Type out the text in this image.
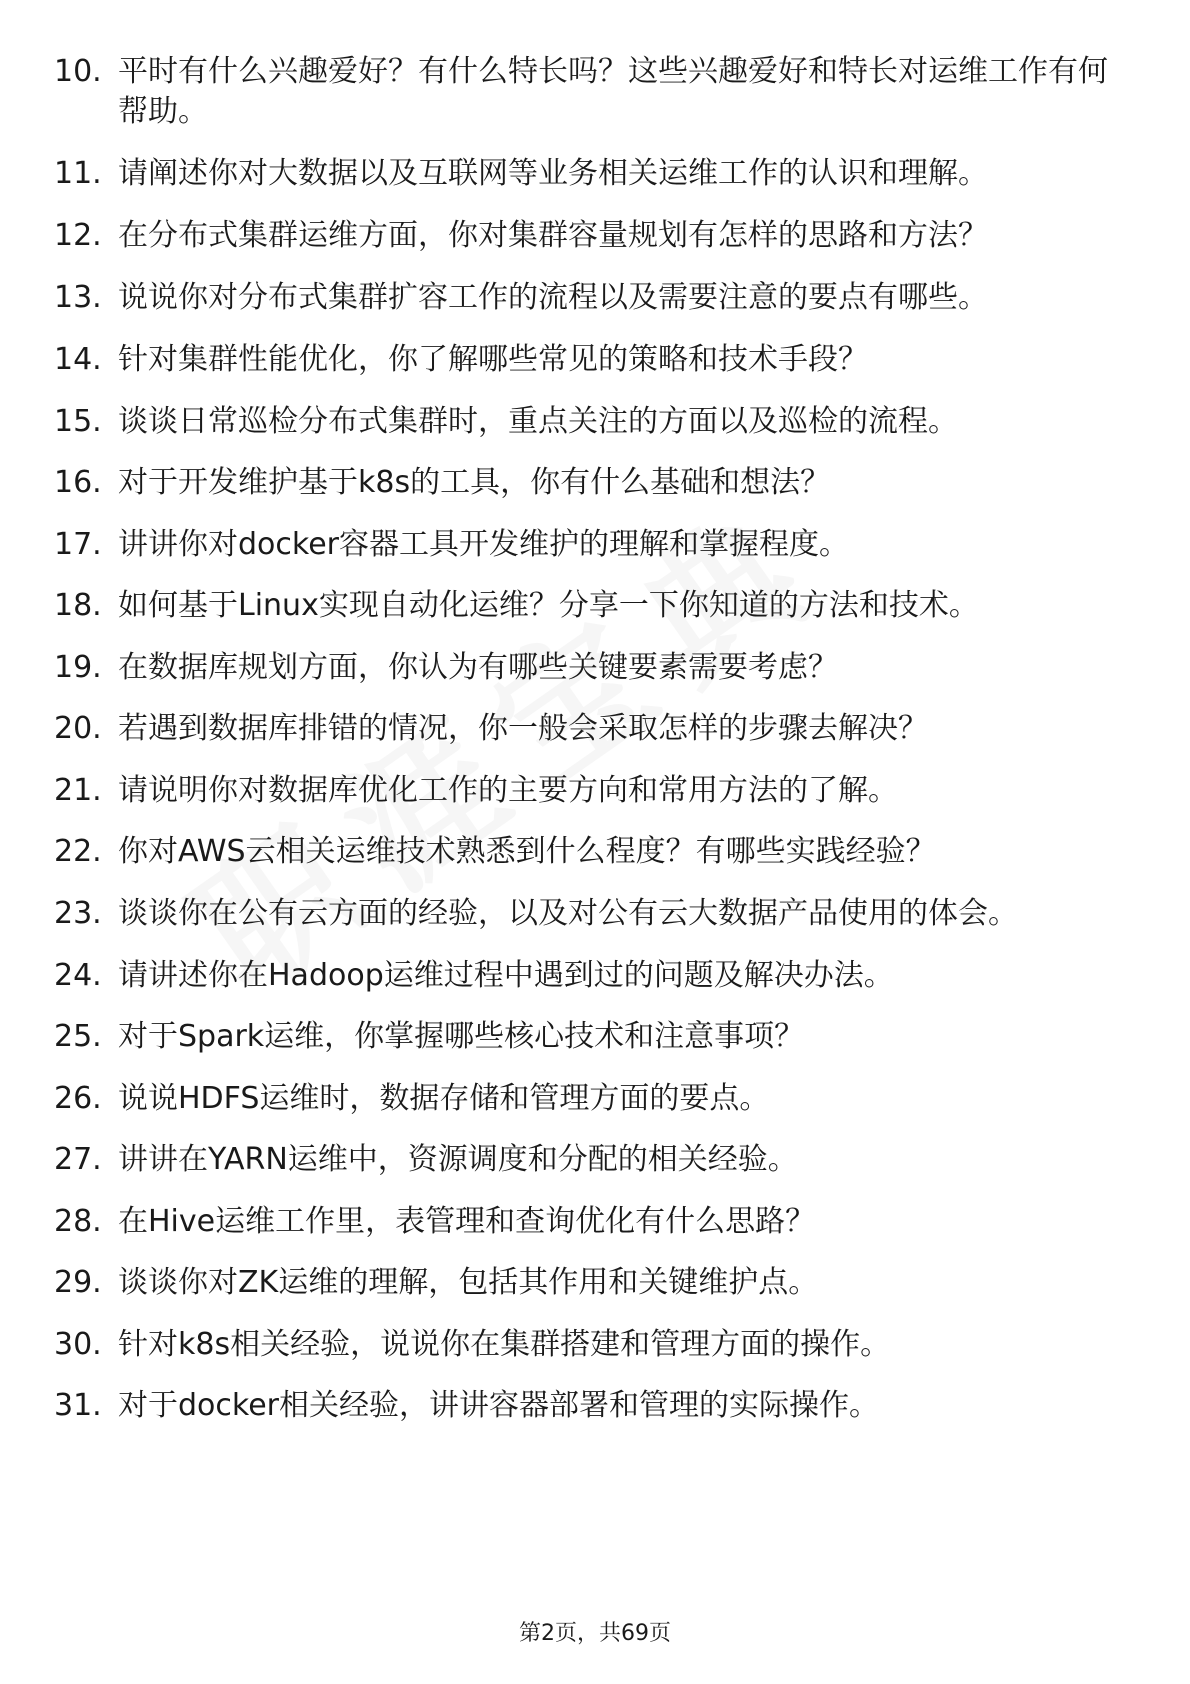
10. 平时有什么兴趣爱好？有什么特长吗？这些兴趣爱好和特长对运维工作有何帮助。
11. 请阐述你对大数据以及互联网等业务相关运维工作的认识和理解。
12. 在分布式集群运维方面，你对集群容量规划有怎样的思路和方法？
13. 说说你对分布式集群扩容工作的流程以及需要注意的要点有哪些。
14. 针对集群性能优化，你了解哪些常见的策略和技术手段？
15. 谈谈日常巡检分布式集群时，重点关注的方面以及巡检的流程。
16. 对于开发维护基于k8s的工具，你有什么基础和想法？
17. 讲讲你对docker容器工具开发维护的理解和掌握程度。
18. 如何基于Linux实现自动化运维？分享一下你知道的方法和技术。
19. 在数据库规划方面，你认为有哪些关键要素需要考虑？
20. 若遇到数据库排错的情况，你一般会采取怎样的步骤去解决？
21. 请说明你对数据库优化工作的主要方向和常用方法的了解。
22. 你对AWS云相关运维技术熟悉到什么程度？有哪些实践经验？
23. 谈谈你在公有云方面的经验，以及对公有云大数据产品使用的体会。
24. 请讲述你在Hadoop运维过程中遇到过的问题及解决办法。
25. 对于Spark运维，你掌握哪些核心技术和注意事项？
26. 说说HDFS运维时，数据存储和管理方面的要点。
27. 讲讲在YARN运维中，资源调度和分配的相关经验。
28. 在Hive运维工作里，表管理和查询优化有什么思路？
29. 谈谈你对ZK运维的理解，包括其作用和关键维护点。
30. 针对k8s相关经验，说说你在集群搭建和管理方面的操作。
31. 对于docker相关经验，讲讲容器部署和管理的实际操作。
第2页，共69页
